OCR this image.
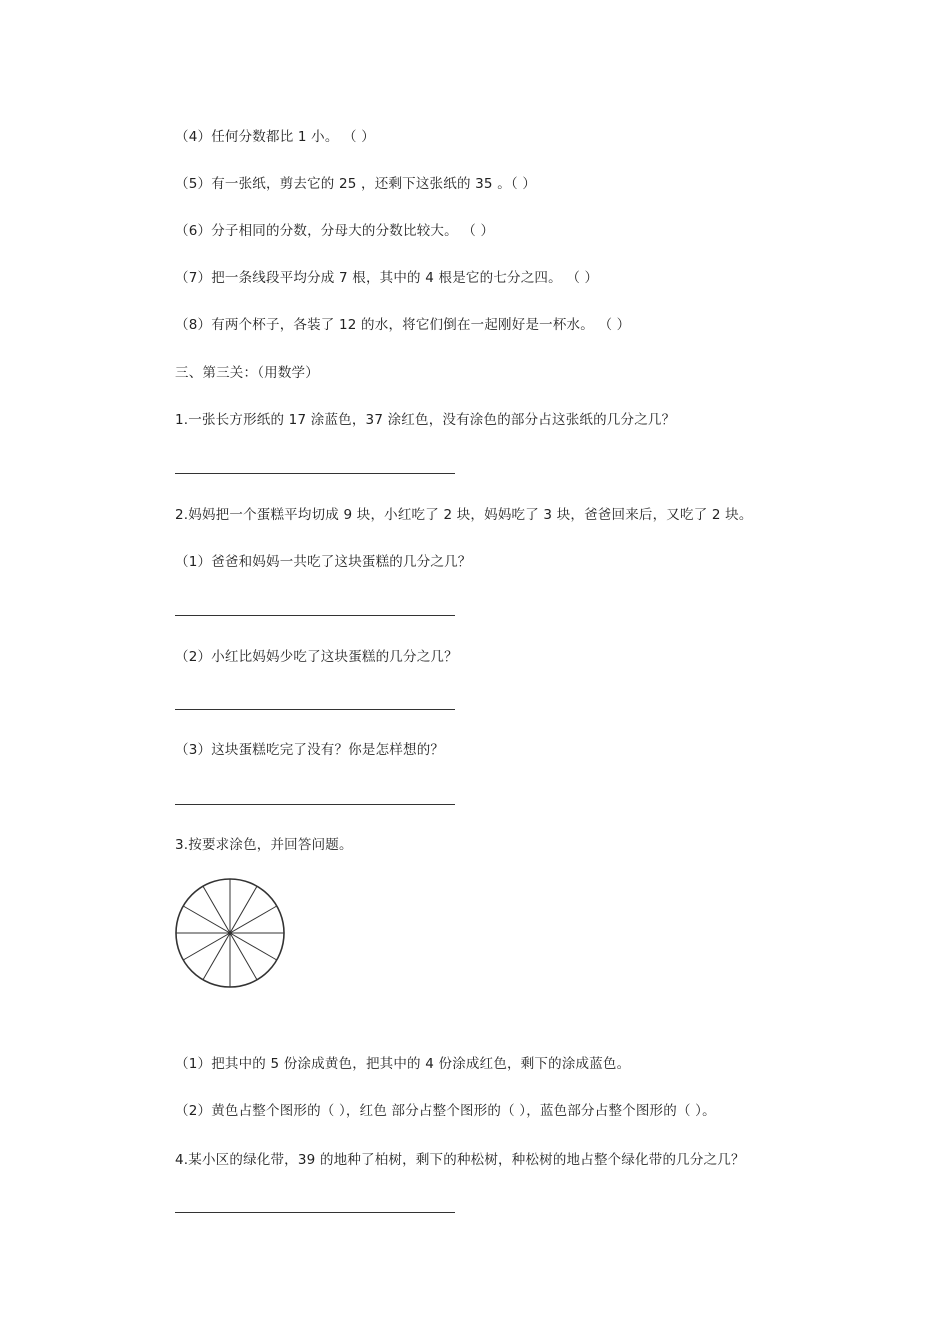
（4）任何分数都比 1 小。 （ ）
（5）有一张纸，剪去它的 25 ，还剩下这张纸的 35 。（ ）
（6）分子相同的分数，分母大的分数比较大。 （ ）
（7）把一条线段平均分成 7 根，其中的 4 根是它的七分之四。 （ ）
（8）有两个杯子，各装了 12 的水，将它们倒在一起刚好是一杯水。 （ ）
三、第三关：（用数学）
1.一张长方形纸的 17 涂蓝色，37 涂红色，没有涂色的部分占这张纸的几分之几？
2.妈妈把一个蛋糕平均切成 9 块，小红吃了 2 块，妈妈吃了 3 块，爸爸回来后，又吃了 2 块。
（1）爸爸和妈妈一共吃了这块蛋糕的几分之几？
（2）小红比妈妈少吃了这块蛋糕的几分之几？
（3）这块蛋糕吃完了没有？你是怎样想的？
3.按要求涂色，并回答问题。
（1）把其中的 5 份涂成黄色，把其中的 4 份涂成红色，剩下的涂成蓝色。
（2）黄色占整个图形的（ ），红色 部分占整个图形的（ ），蓝色部分占整个图形的（ ）。
4.某小区的绿化带，39 的地种了柏树，剩下的种松树，种松树的地占整个绿化带的几分之几？
